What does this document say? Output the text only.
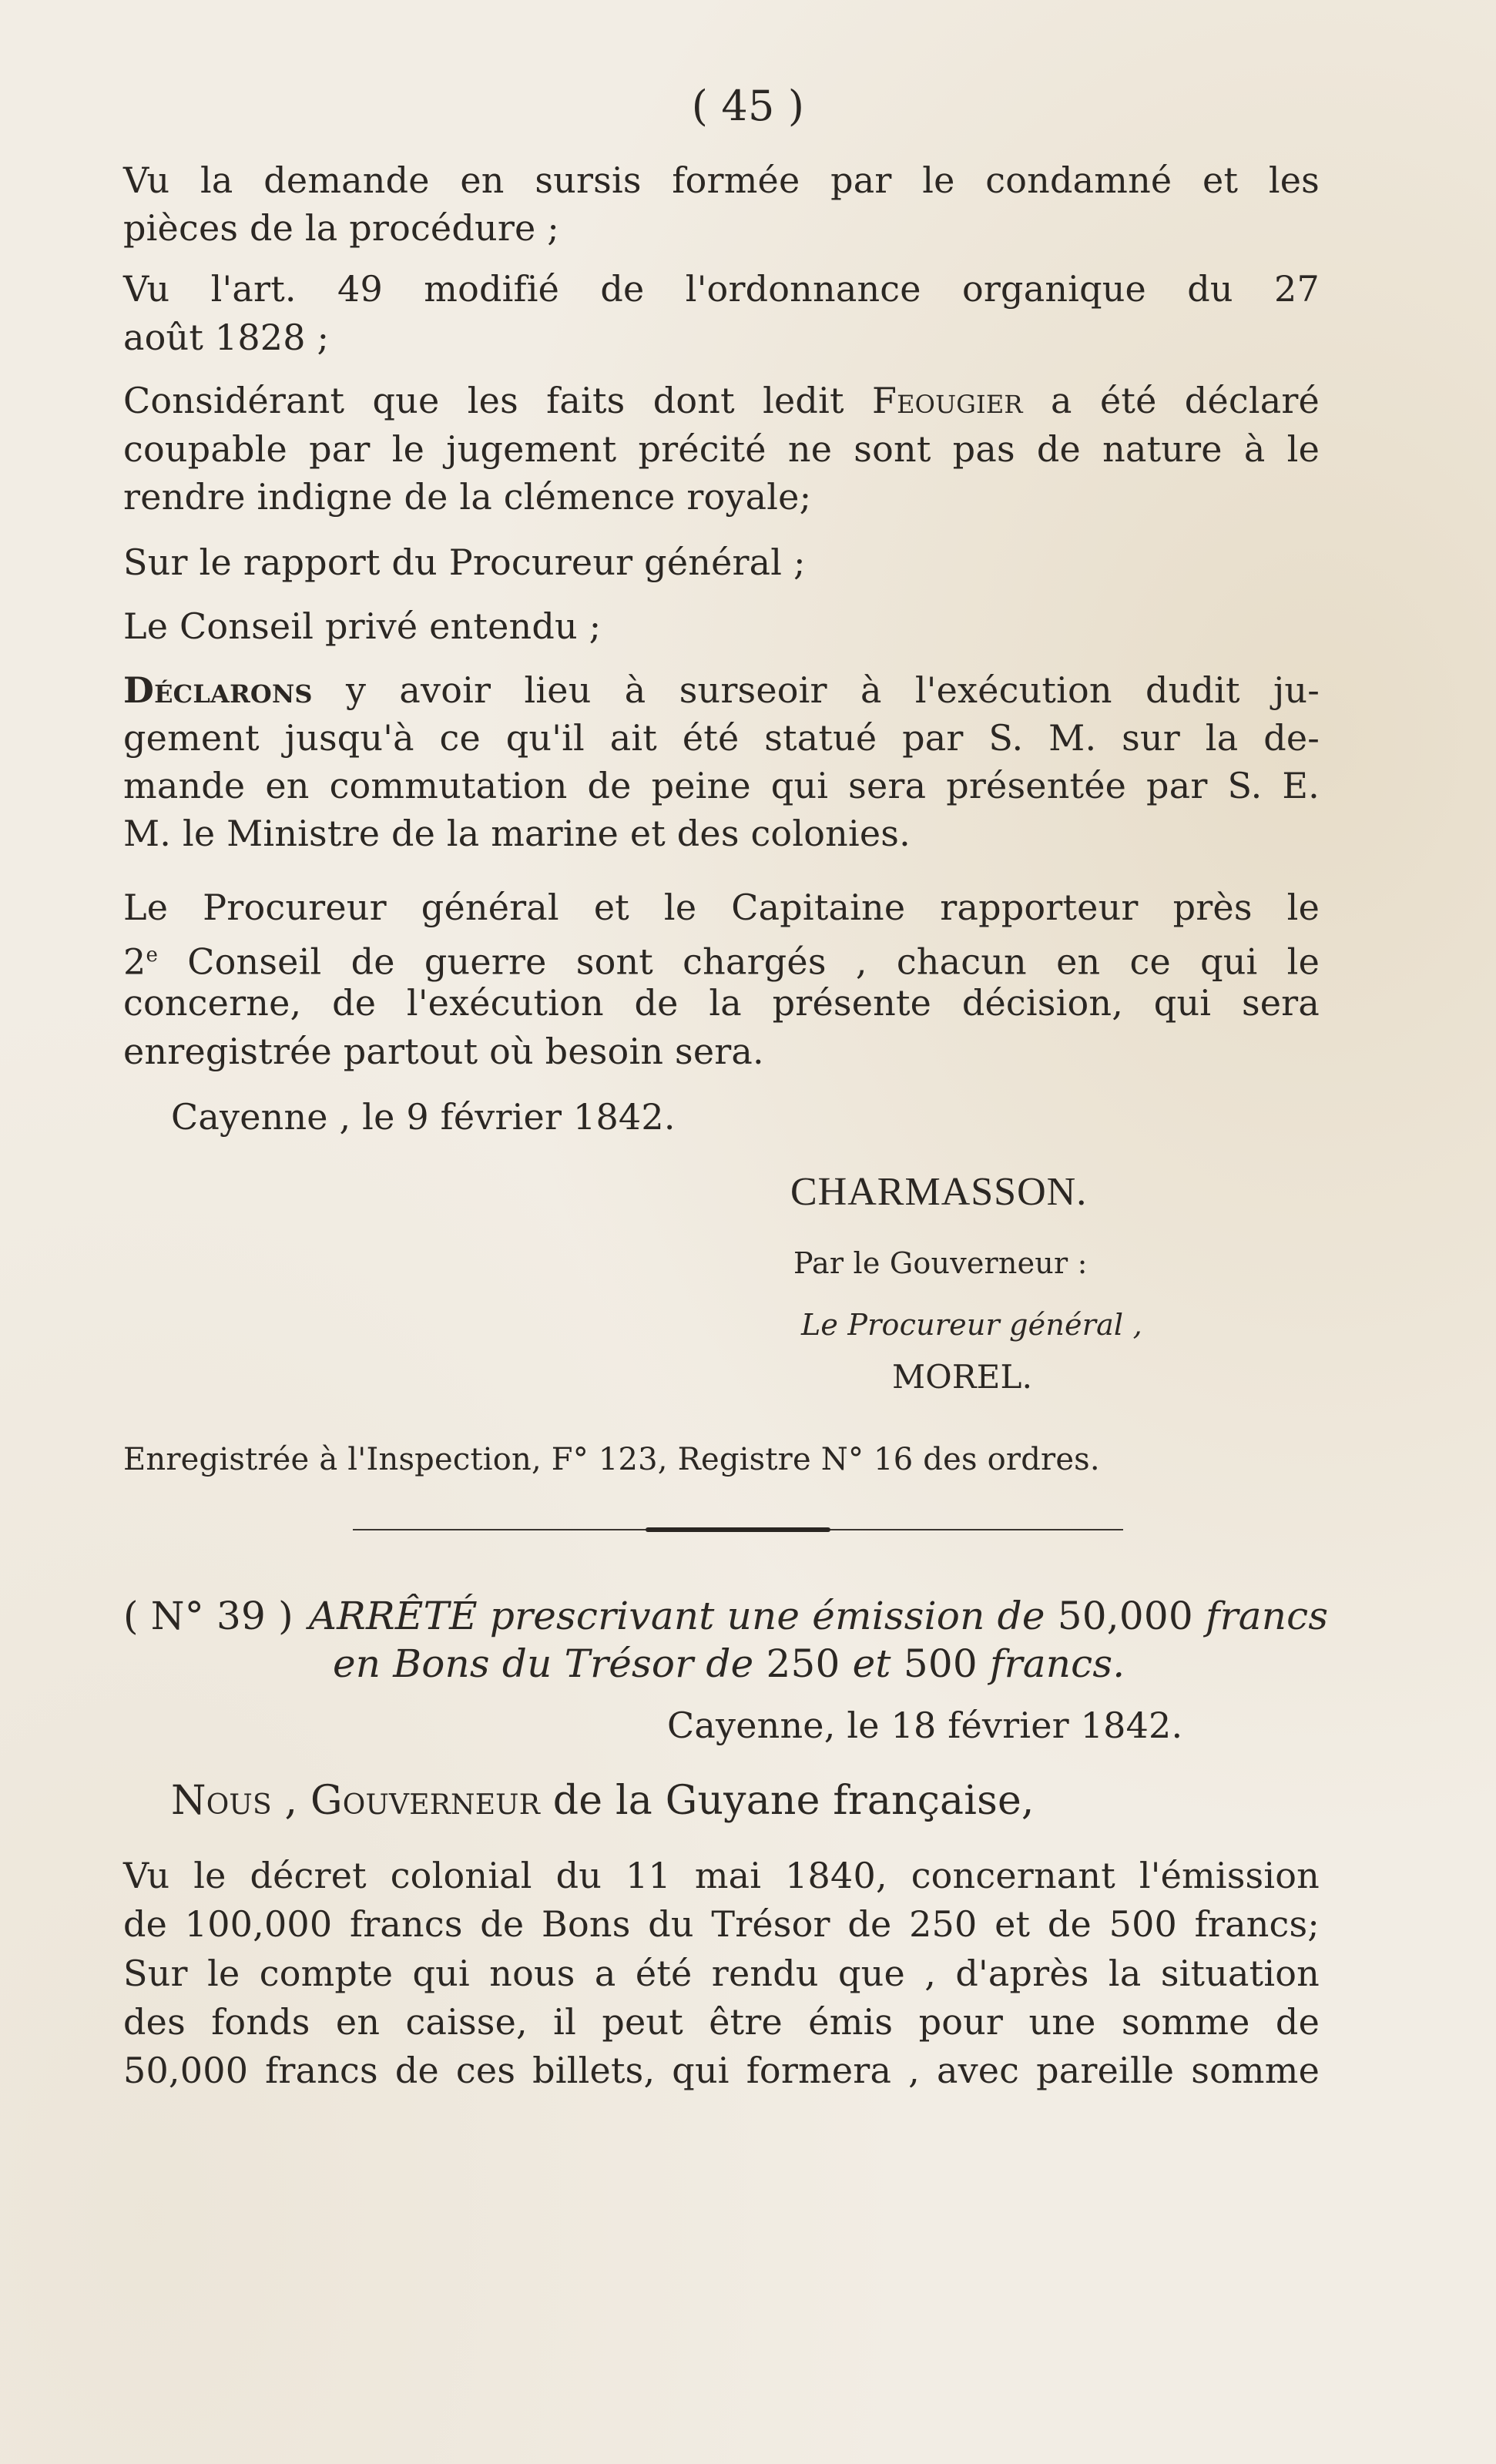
( 45 )
Vu la demande en sursis formée par le condamné et les
pièces de la procédure ;
Vu l'art. 49 modifié de l'ordonnance organique du 27
août 1828 ;
Considérant que les faits dont ledit Feougier a été déclaré
coupable par le jugement précité ne sont pas de nature à le
rendre indigne de la clémence royale;
Sur le rapport du Procureur général ;
Le Conseil privé entendu ;
Déclarons y avoir lieu à surseoir à l'exécution dudit ju-
gement jusqu'à ce qu'il ait été statué par S. M. sur la de-
mande en commutation de peine qui sera présentée par S. E.
M. le Ministre de la marine et des colonies.
Le Procureur général et le Capitaine rapporteur près le
2e Conseil de guerre sont chargés , chacun en ce qui le
concerne, de l'exécution de la présente décision, qui sera
enregistrée partout où besoin sera.
Cayenne , le 9 février 1842.
CHARMASSON.
Par le Gouverneur :
Le Procureur général ,
MOREL.
Enregistrée à l'Inspection, F° 123, Registre N° 16 des ordres.
( N° 39 ) ARRÊTÉ prescrivant une émission de 50,000 francs
en Bons du Trésor de 250 et 500 francs.
Cayenne, le 18 février 1842.
Nous , Gouverneur de la Guyane française,
Vu le décret colonial du 11 mai 1840, concernant l'émission
de 100,000 francs de Bons du Trésor de 250 et de 500 francs;
Sur le compte qui nous a été rendu que , d'après la situation
des fonds en caisse, il peut être émis pour une somme de
50,000 francs de ces billets, qui formera , avec pareille somme
